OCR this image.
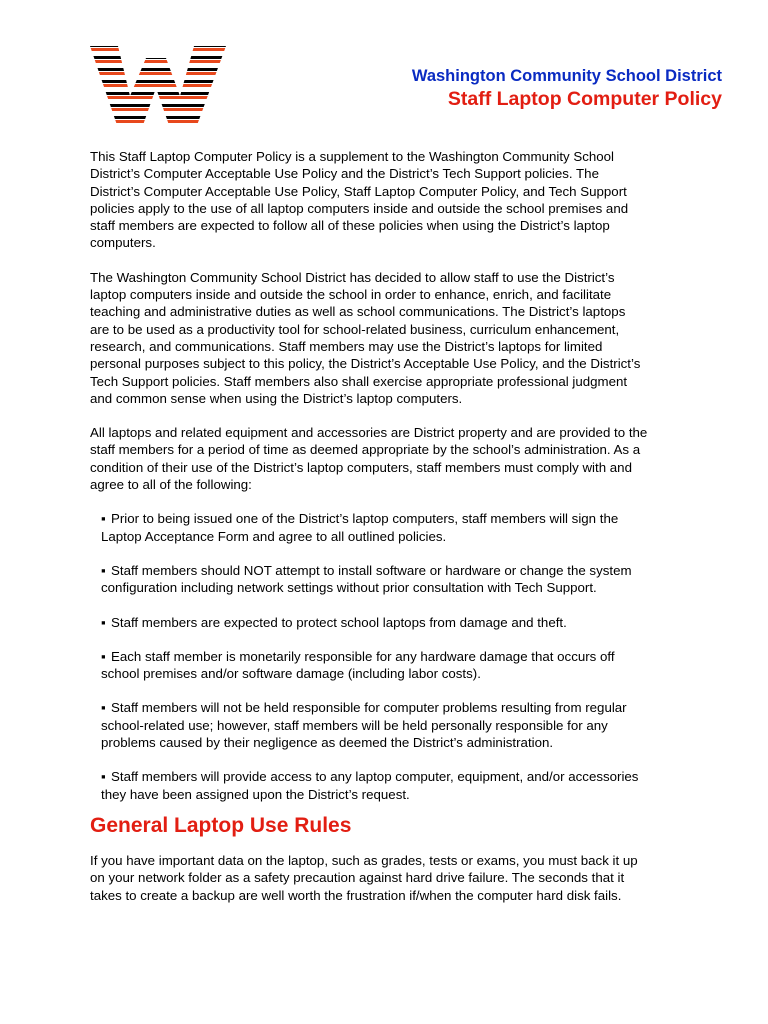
Washington Community School District
Staff Laptop Computer Policy
This Staff Laptop Computer Policy is a supplement to the Washington Community School
District’s Computer Acceptable Use Policy and the District’s Tech Support policies. The
District’s Computer Acceptable Use Policy, Staff Laptop Computer Policy, and Tech Support
policies apply to the use of all laptop computers inside and outside the school premises and
staff members are expected to follow all of these policies when using the District’s laptop
computers.
The Washington Community School District has decided to allow staff to use the District’s
laptop computers inside and outside the school in order to enhance, enrich, and facilitate
teaching and administrative duties as well as school communications. The District’s laptops
are to be used as a productivity tool for school-related business, curriculum enhancement,
research, and communications. Staff members may use the District’s laptops for limited
personal purposes subject to this policy, the District’s Acceptable Use Policy, and the District’s
Tech Support policies. Staff members also shall exercise appropriate professional judgment
and common sense when using the District’s laptop computers.
All laptops and related equipment and accessories are District property and are provided to the
staff members for a period of time as deemed appropriate by the school’s administration. As a
condition of their use of the District’s laptop computers, staff members must comply with and
agree to all of the following:
▪ Prior to being issued one of the District’s laptop computers, staff members will sign the
Laptop Acceptance Form and agree to all outlined policies.
▪ Staff members should NOT attempt to install software or hardware or change the system
configuration including network settings without prior consultation with Tech Support.
▪ Staff members are expected to protect school laptops from damage and theft.
▪ Each staff member is monetarily responsible for any hardware damage that occurs off
school premises and/or software damage (including labor costs).
▪ Staff members will not be held responsible for computer problems resulting from regular
school-related use; however, staff members will be held personally responsible for any
problems caused by their negligence as deemed the District’s administration.
▪ Staff members will provide access to any laptop computer, equipment, and/or accessories
they have been assigned upon the District’s request.
General Laptop Use Rules
If you have important data on the laptop, such as grades, tests or exams, you must back it up
on your network folder as a safety precaution against hard drive failure. The seconds that it
takes to create a backup are well worth the frustration if/when the computer hard disk fails.
